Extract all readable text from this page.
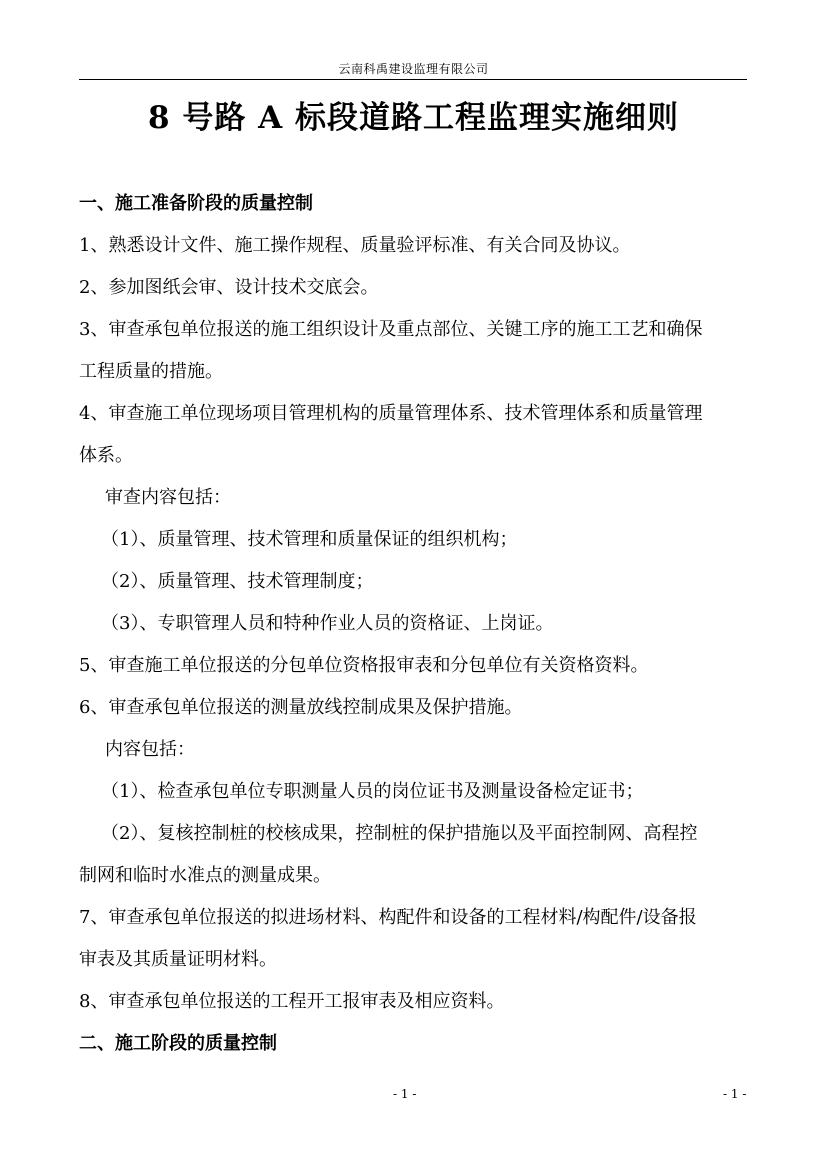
云南科禹建设监理有限公司
8 号路 A 标段道路工程监理实施细则
一、施工准备阶段的质量控制
1、熟悉设计文件、施工操作规程、质量验评标准、有关合同及协议。
2、参加图纸会审、设计技术交底会。
3、审查承包单位报送的施工组织设计及重点部位、关键工序的施工工艺和确保
工程质量的措施。
4、审查施工单位现场项目管理机构的质量管理体系、技术管理体系和质量管理
体系。
审查内容包括：
（1）、质量管理、技术管理和质量保证的组织机构；
（2）、质量管理、技术管理制度；
（3）、专职管理人员和特种作业人员的资格证、上岗证。
5、审查施工单位报送的分包单位资格报审表和分包单位有关资格资料。
6、审查承包单位报送的测量放线控制成果及保护措施。
内容包括：
（1）、检查承包单位专职测量人员的岗位证书及测量设备检定证书；
（2）、复核控制桩的校核成果，控制桩的保护措施以及平面控制网、高程控
制网和临时水准点的测量成果。
7、审查承包单位报送的拟进场材料、构配件和设备的工程材料/构配件/设备报
审表及其质量证明材料。
8、审查承包单位报送的工程开工报审表及相应资料。
二、施工阶段的质量控制
- 1 -	- 1 -
